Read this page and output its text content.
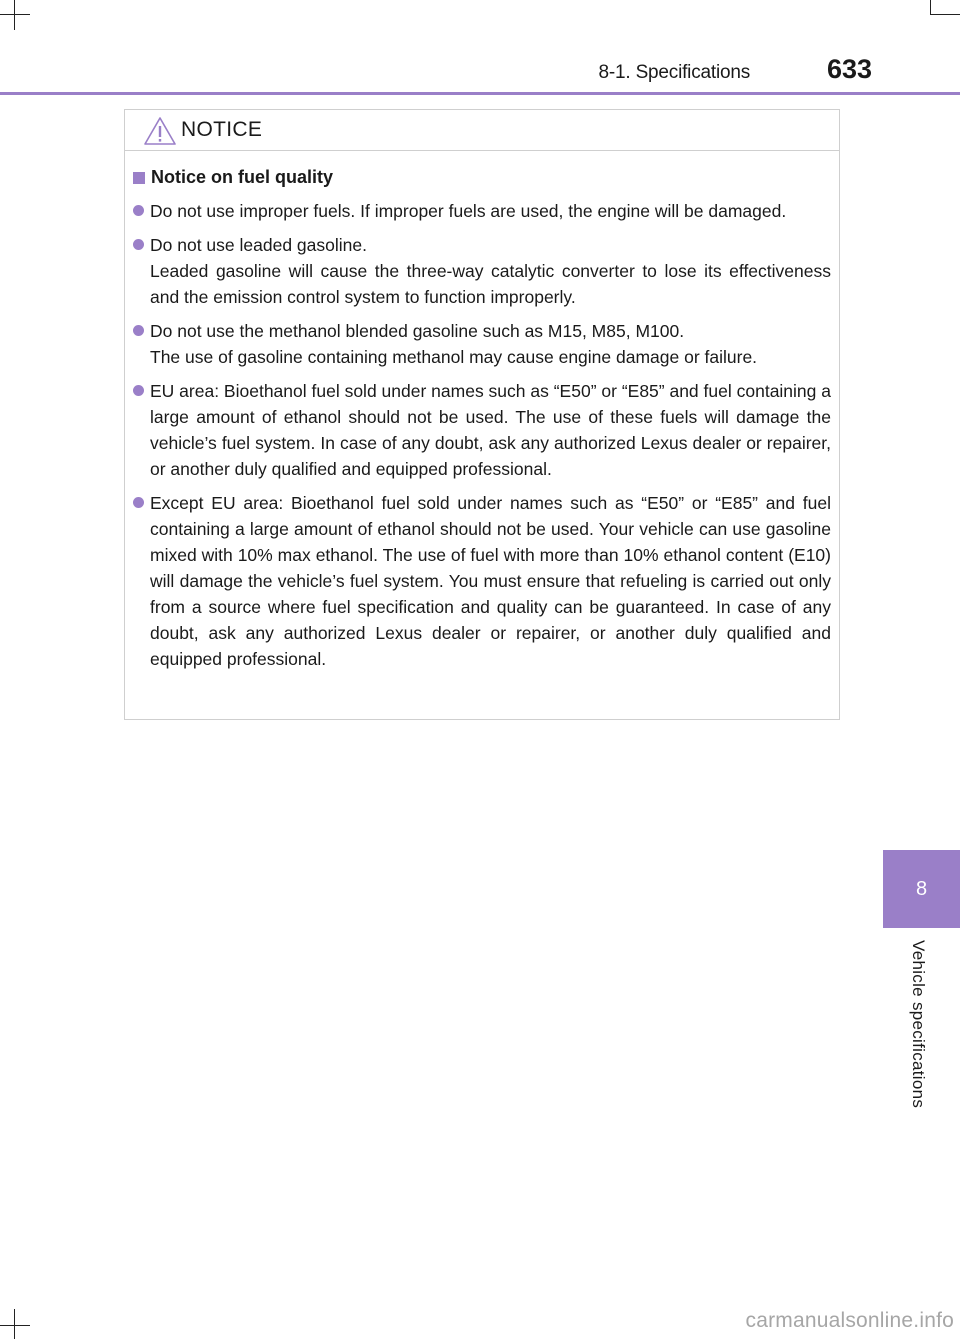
8-1. Specifications	633
NOTICE
Notice on fuel quality
Do not use improper fuels. If improper fuels are used, the engine will be damaged.
Do not use leaded gasoline.
Leaded gasoline will cause the three-way catalytic converter to lose its effectiveness and the emission control system to function improperly.
Do not use the methanol blended gasoline such as M15, M85, M100.
The use of gasoline containing methanol may cause engine damage or failure.
EU area: Bioethanol fuel sold under names such as “E50” or “E85” and fuel containing a large amount of ethanol should not be used. The use of these fuels will damage the vehicle’s fuel system. In case of any doubt, ask any authorized Lexus dealer or repairer, or another duly qualified and equipped professional.
Except EU area: Bioethanol fuel sold under names such as “E50” or “E85” and fuel containing a large amount of ethanol should not be used. Your vehicle can use gasoline mixed with 10% max ethanol. The use of fuel with more than 10% ethanol content (E10) will damage the vehicle’s fuel system. You must ensure that refueling is carried out only from a source where fuel specification and quality can be guaranteed. In case of any doubt, ask any authorized Lexus dealer or repairer, or another duly qualified and equipped professional.
8
Vehicle specifications
carmanualsonline.info
